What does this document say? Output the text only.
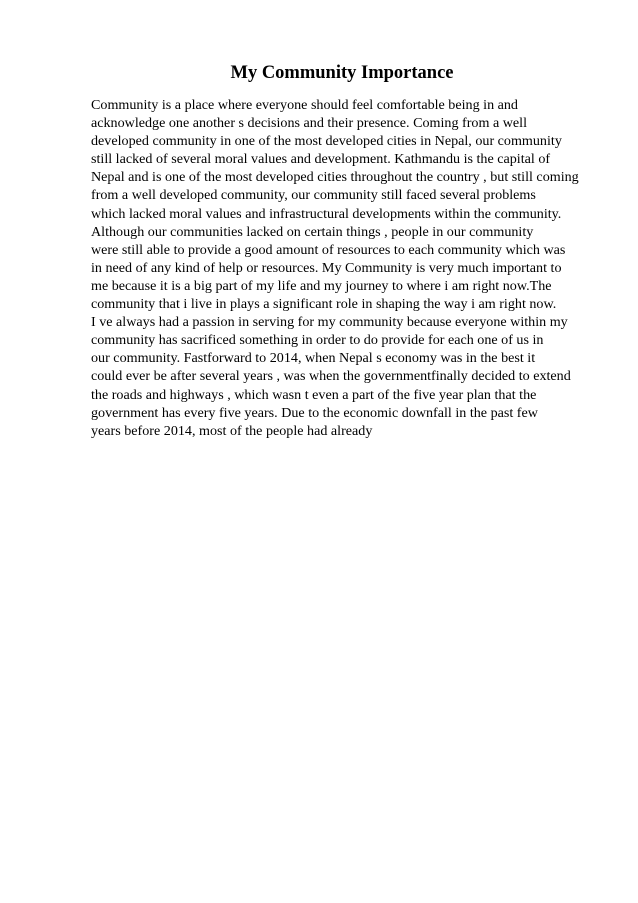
My Community Importance
Community is a place where everyone should feel comfortable being in and
acknowledge one another s decisions and their presence. Coming from a well
developed community in one of the most developed cities in Nepal, our community
still lacked of several moral values and development. Kathmandu is the capital of
Nepal and is one of the most developed cities throughout the country , but still coming
from a well developed community, our community still faced several problems
which lacked moral values and infrastructural developments within the community.
Although our communities lacked on certain things , people in our community
were still able to provide a good amount of resources to each community which was
in need of any kind of help or resources. My Community is very much important to
me because it is a big part of my life and my journey to where i am right now.The
community that i live in plays a significant role in shaping the way i am right now.
I ve always had a passion in serving for my community because everyone within my
community has sacrificed something in order to do provide for each one of us in
our community. Fastforward to 2014, when Nepal s economy was in the best it
could ever be after several years , was when the governmentfinally decided to extend
the roads and highways , which wasn t even a part of the five year plan that the
government has every five years. Due to the economic downfall in the past few
years before 2014, most of the people had already
